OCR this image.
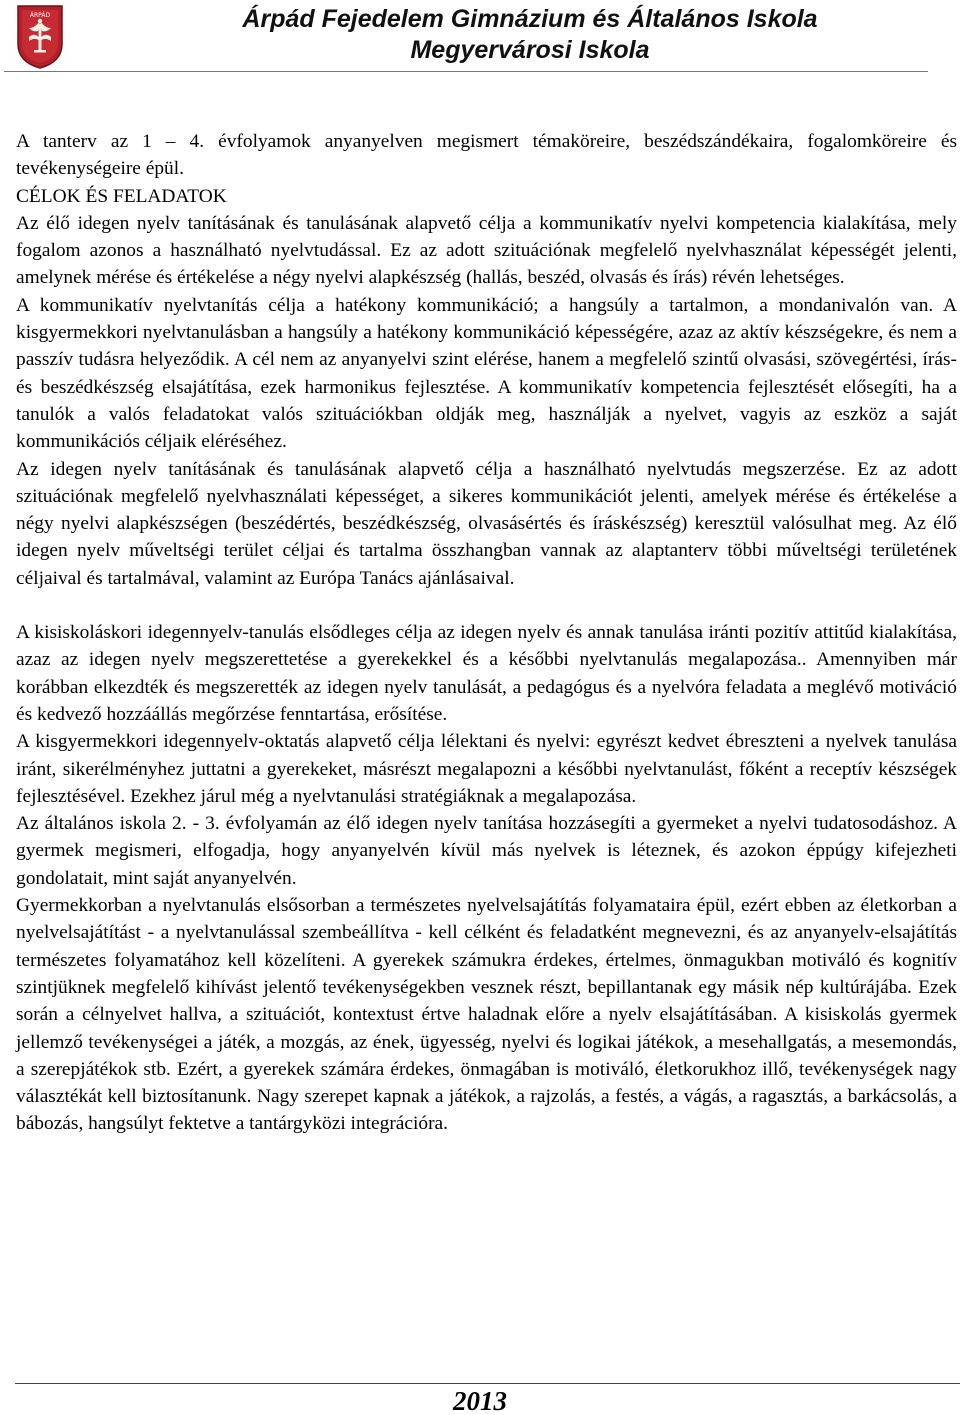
ÁRPÁD	Árpád Fejedelem Gimnázium és Általános Iskola
Megyervárosi Iskola

A tanterv az 1 – 4. évfolyamok anyanyelven megismert témaköreire, beszédszándékaira, fogalomköreire és tevékenységeire épül.

CÉLOK ÉS FELADATOK

Az élő idegen nyelv tanításának és tanulásának alapvető célja a kommunikatív nyelvi kompetencia kialakítása, mely fogalom azonos a használható nyelvtudással. Ez az adott szituációnak megfelelő nyelvhasználat képességét jelenti, amelynek mérése és értékelése a négy nyelvi alapkészség (hallás, beszéd, olvasás és írás) révén lehetséges.

A kommunikatív nyelvtanítás célja a hatékony kommunikáció; a hangsúly a tartalmon, a mondanivalón van. A kisgyermekkori nyelvtanulásban a hangsúly a hatékony kommunikáció képességére, azaz az aktív készségekre, és nem a passzív tudásra helyeződik. A cél nem az anyanyelvi szint elérése, hanem a megfelelő szintű olvasási, szövegértési, írás- és beszédkészség elsajátítása, ezek harmonikus fejlesztése. A kommunikatív kompetencia fejlesztését elősegíti, ha a tanulók a valós feladatokat valós szituációkban oldják meg, használják a nyelvet, vagyis az eszköz a saját kommunikációs céljaik eléréséhez.

Az idegen nyelv tanításának és tanulásának alapvető célja a használható nyelvtudás megszerzése. Ez az adott szituációnak megfelelő nyelvhasználati képességet, a sikeres kommunikációt jelenti, amelyek mérése és értékelése a négy nyelvi alapkészségen (beszédértés, beszédkészség, olvasásértés és íráskészség) keresztül valósulhat meg. Az élő idegen nyelv műveltségi terület céljai és tartalma összhangban vannak az alaptanterv többi műveltségi területének céljaival és tartalmával, valamint az Európa Tanács ajánlásaival.

A kisiskoláskori idegennyelv-tanulás elsődleges célja az idegen nyelv és annak tanulása iránti pozitív attitűd kialakítása, azaz az idegen nyelv megszerettetése a gyerekekkel és a későbbi nyelvtanulás megalapozása.. Amennyiben már korábban elkezdték és megszerették az idegen nyelv tanulását, a pedagógus és a nyelvóra feladata a meglévő motiváció és kedvező hozzáállás megőrzése fenntartása, erősítése.

A kisgyermekkori idegennyelv-oktatás alapvető célja lélektani és nyelvi: egyrészt kedvet ébreszteni a nyelvek tanulása iránt, sikerélményhez juttatni a gyerekeket, másrészt megalapozni a későbbi nyelvtanulást, főként a receptív készségek fejlesztésével. Ezekhez járul még a nyelvtanulási stratégiáknak a megalapozása.

Az általános iskola 2. - 3. évfolyamán az élő idegen nyelv tanítása hozzásegíti a gyermeket a nyelvi tudatosodáshoz. A gyermek megismeri, elfogadja, hogy anyanyelvén kívül más nyelvek is léteznek, és azokon éppúgy kifejezheti gondolatait, mint saját anyanyelvén.

Gyermekkorban a nyelvtanulás elsősorban a természetes nyelvelsajátítás folyamataira épül, ezért ebben az életkorban a nyelvelsajátítást - a nyelvtanulással szembeállítva - kell célként és feladatként megnevezni, és az anyanyelv-elsajátítás természetes folyamatához kell közelíteni. A gyerekek számukra érdekes, értelmes, önmagukban motiváló és kognitív szintjüknek megfelelő kihívást jelentő tevékenységekben vesznek részt, bepillantanak egy másik nép kultúrájába. Ezek során a célnyelvet hallva, a szituációt, kontextust értve haladnak előre a nyelv elsajátításában. A kisiskolás gyermek jellemző tevékenységei a játék, a mozgás, az ének, ügyesség, nyelvi és logikai játékok, a mesehallgatás, a mesemondás, a szerepjátékok stb. Ezért, a gyerekek számára érdekes, önmagában is motiváló, életkorukhoz illő, tevékenységek nagy választékát kell biztosítanunk. Nagy szerepet kapnak a játékok, a rajzolás, a festés, a vágás, a ragasztás, a barkácsolás, a bábozás, hangsúlyt fektetve a tantárgyközi integrációra.

2013
